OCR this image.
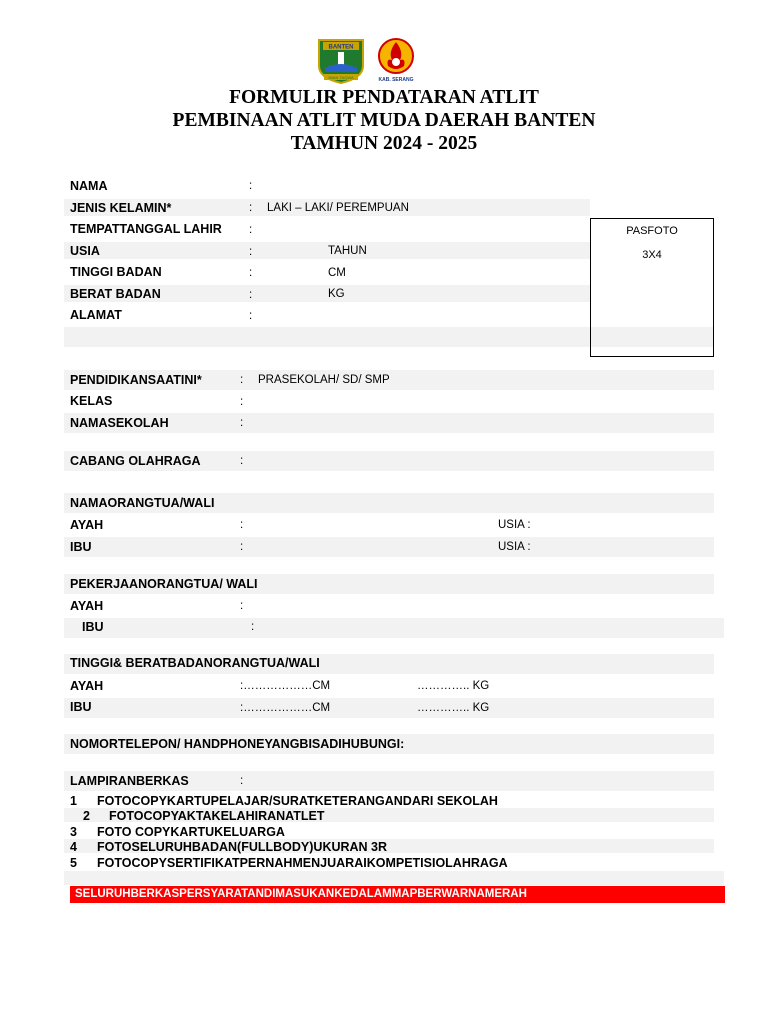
BANTEN
IMAN TAQWA	KAB. SERANG
FORMULIR PENDATARAN ATLIT
PEMBINAAN ATLIT MUDA DAERAH BANTEN
TAMHUN 2024 - 2025
PASFOTO
3X4
NAMA	:
JENIS KELAMIN*	: LAKI – LAKI/ PEREMPUAN
TEMPATTANGGAL LAHIR :
USIA	:	TAHUN
TINGGI BADAN	:	CM
BERAT BADAN	:	KG
ALAMAT	:
PENDIDIKANSAATINI*	: PRASEKOLAH/ SD/ SMP
KELAS	:
NAMASEKOLAH	:
CABANG OLAHRAGA	:
NAMAORANGTUA/WALI
AYAH	:	USIA :
IBU	:	USIA :
PEKERJAANORANGTUA/ WALI
AYAH	:
IBU	:
TINGGI& BERATBADANORANGTUA/WALI
AYAH	:………………CM	………….. KG
IBU	:………………CM	………….. KG
NOMORTELEPON/ HANDPHONEYANGBISADIHUBUNGI:
LAMPIRANBERKAS	:
1 FOTOCOPYKARTUPELAJAR/SURATKETERANGANDARI SEKOLAH
2 FOTOCOPYAKTAKELAHIRANATLET
3 FOTO COPYKARTUKELUARGA
4 FOTOSELURUHBADAN(FULLBODY)UKURAN 3R
5 FOTOCOPYSERTIFIKATPERNAHMENJUARAIKOMPETISIOLAHRAGA
SELURUHBERKASPERSYARATANDIMASUKANKEDALAMMAPBERWARNAMERAH
